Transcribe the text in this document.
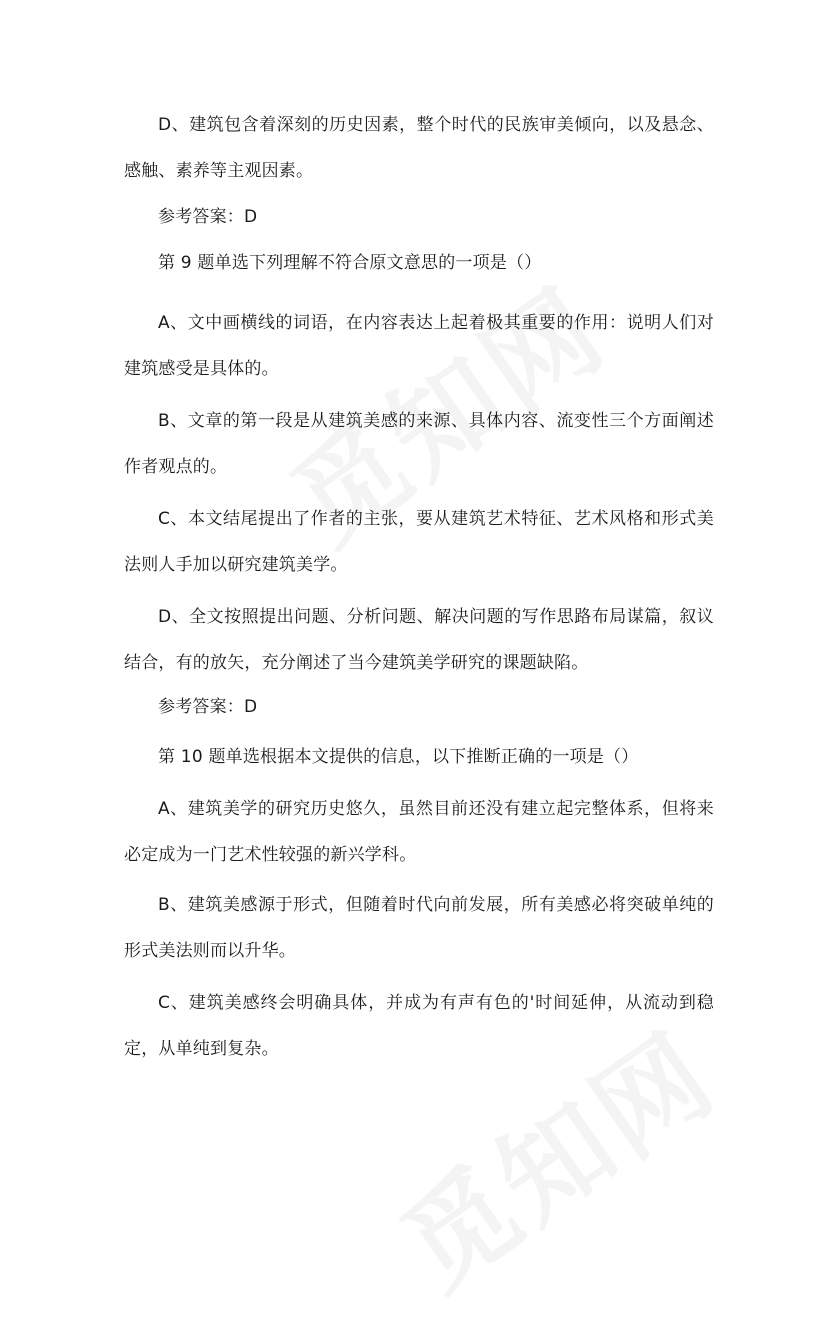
D、建筑包含着深刻的历史因素，整个时代的民族审美倾向，以及悬念、感触、素养等主观因素。

参考答案：D

第 9 题单选下列理解不符合原文意思的一项是（）

A、文中画横线的词语，在内容表达上起着极其重要的作用：说明人们对建筑感受是具体的。

B、文章的第一段是从建筑美感的来源、具体内容、流变性三个方面阐述作者观点的。

C、本文结尾提出了作者的主张，要从建筑艺术特征、艺术风格和形式美法则人手加以研究建筑美学。

D、全文按照提出问题、分析问题、解决问题的写作思路布局谋篇，叙议结合，有的放矢，充分阐述了当今建筑美学研究的课题缺陷。

参考答案：D

第 10 题单选根据本文提供的信息，以下推断正确的一项是（）

A、建筑美学的研究历史悠久，虽然目前还没有建立起完整体系，但将来必定成为一门艺术性较强的新兴学科。

B、建筑美感源于形式，但随着时代向前发展，所有美感必将突破单纯的形式美法则而以升华。

C、建筑美感终会明确具体，并成为有声有色的'时间延伸，从流动到稳定，从单纯到复杂。
